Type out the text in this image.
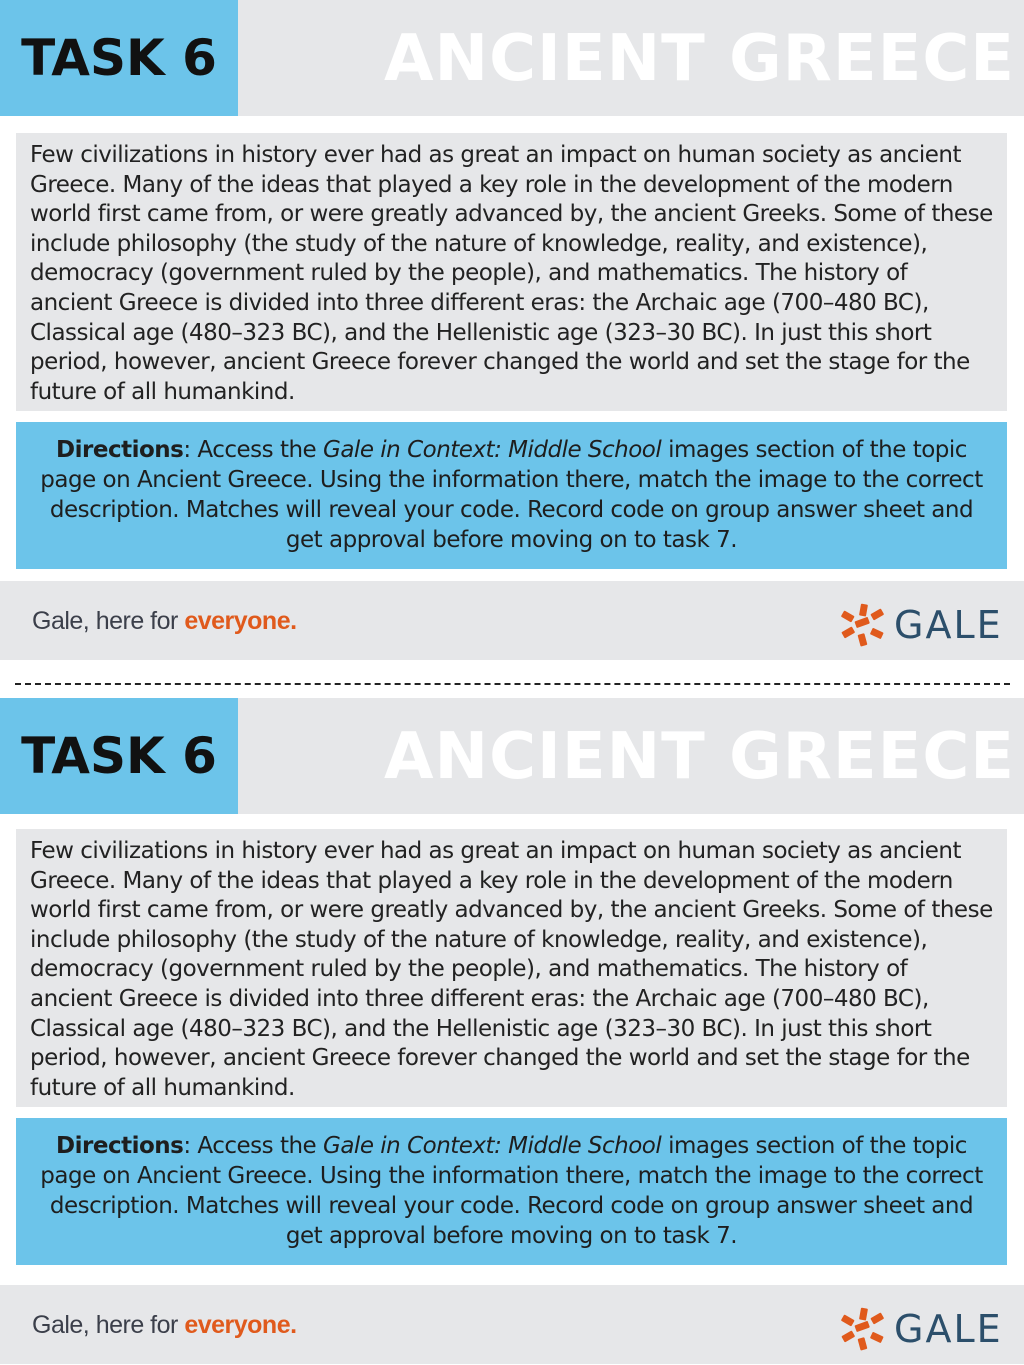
TASK 6	ANCIENT GREECE

Few civilizations in history ever had as great an impact on human society as ancient Greece. Many of the ideas that played a key role in the development of the modern world first came from, or were greatly advanced by, the ancient Greeks. Some of these include philosophy (the study of the nature of knowledge, reality, and existence), democracy (government ruled by the people), and mathematics. The history of ancient Greece is divided into three different eras: the Archaic age (700–480 BC), Classical age (480–323 BC), and the Hellenistic age (323–30 BC). In just this short period, however, ancient Greece forever changed the world and set the stage for the future of all humankind.

Directions: Access the Gale in Context: Middle School images section of the topic page on Ancient Greece. Using the information there, match the image to the correct description. Matches will reveal your code. Record code on group answer sheet and get approval before moving on to task 7.

Gale, here for everyone.	GALE
TASK 6	ANCIENT GREECE

Few civilizations in history ever had as great an impact on human society as ancient Greece. Many of the ideas that played a key role in the development of the modern world first came from, or were greatly advanced by, the ancient Greeks. Some of these include philosophy (the study of the nature of knowledge, reality, and existence), democracy (government ruled by the people), and mathematics. The history of ancient Greece is divided into three different eras: the Archaic age (700–480 BC), Classical age (480–323 BC), and the Hellenistic age (323–30 BC). In just this short period, however, ancient Greece forever changed the world and set the stage for the future of all humankind.

Directions: Access the Gale in Context: Middle School images section of the topic page on Ancient Greece. Using the information there, match the image to the correct description. Matches will reveal your code. Record code on group answer sheet and get approval before moving on to task 7.

Gale, here for everyone.	GALE
